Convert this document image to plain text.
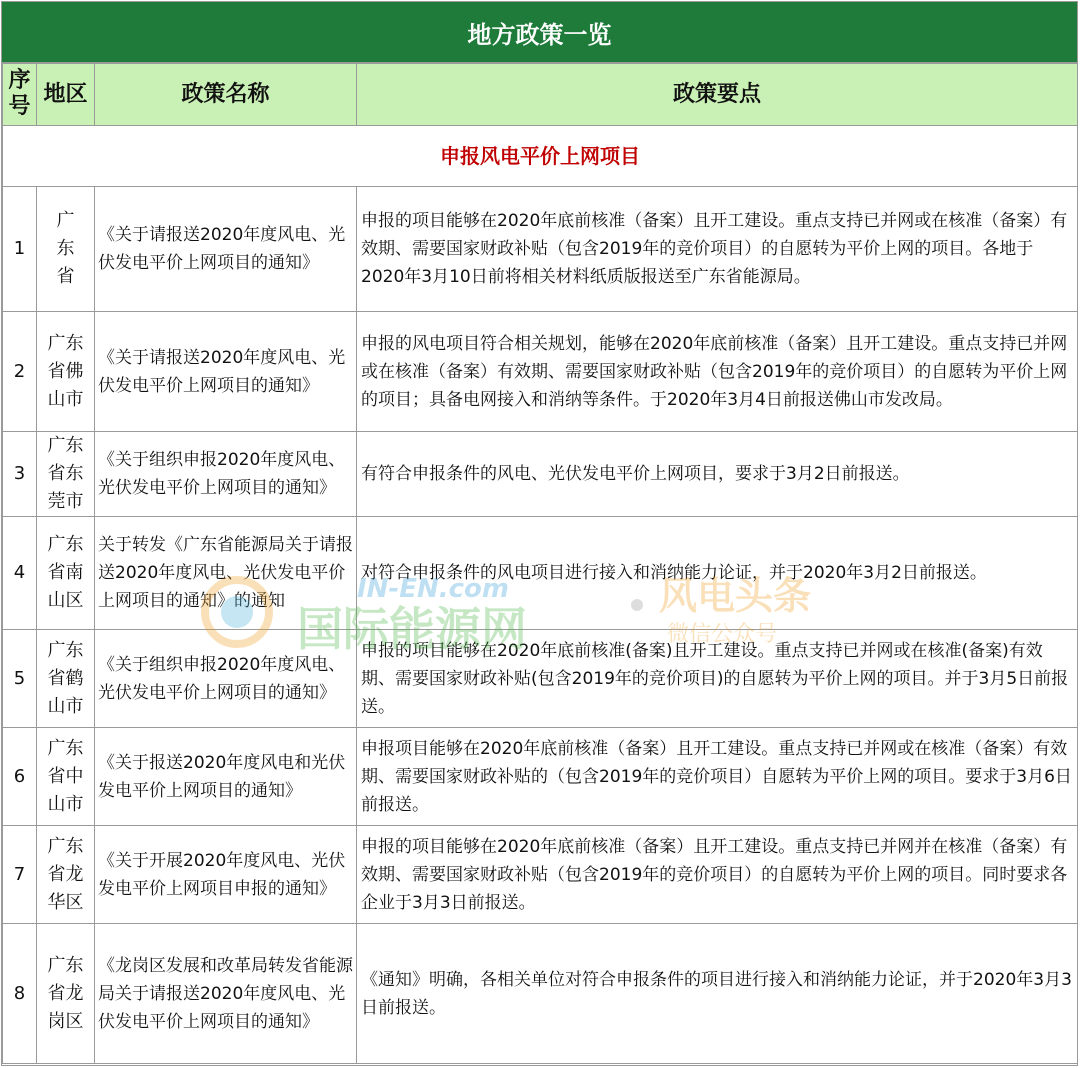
地方政策一览
序号	地区	政策名称	政策要点
申报风电平价上网项目			
1	广东省	《关于请报送2020年度风电、光伏发电平价上网项目的通知》	申报的项目能够在2020年底前核准（备案）且开工建设。重点支持已并网或在核准（备案）有效期、需要国家财政补贴（包含2019年的竞价项目）的自愿转为平价上网的项目。各地于2020年3月10日前将相关材料纸质版报送至广东省能源局。
2	广东省佛山市	《关于请报送2020年度风电、光伏发电平价上网项目的通知》	申报的风电项目符合相关规划，能够在2020年底前核准（备案）且开工建设。重点支持已并网或在核准（备案）有效期、需要国家财政补贴（包含2019年的竞价项目）的自愿转为平价上网的项目；具备电网接入和消纳等条件。于2020年3月4日前报送佛山市发改局。
3	广东省东莞市	《关于组织申报2020年度风电、光伏发电平价上网项目的通知》	有符合申报条件的风电、光伏发电平价上网项目，要求于3月2日前报送。
4	广东省南山区	关于转发《广东省能源局关于请报送2020年度风电、光伏发电平价上网项目的通知》的通知	对符合申报条件的风电项目进行接入和消纳能力论证，并于2020年3月2日前报送。
5	广东省鹤山市	《关于组织申报2020年度风电、光伏发电平价上网项目的通知》	申报的项目能够在2020年底前核准(备案)且开工建设。重点支持已并网或在核准(备案)有效期、需要国家财政补贴(包含2019年的竞价项目)的自愿转为平价上网的项目。并于3月5日前报送。
6	广东省中山市	《关于报送2020年度风电和光伏发电平价上网项目的通知》	申报项目能够在2020年底前核准（备案）且开工建设。重点支持已并网或在核准（备案）有效期、需要国家财政补贴的（包含2019年的竞价项目）自愿转为平价上网的项目。要求于3月6日前报送。
7	广东省龙华区	《关于开展2020年度风电、光伏发电平价上网项目申报的通知》	申报的项目能够在2020年底前核准（备案）且开工建设。重点支持已并网并在核准（备案）有效期、需要国家财政补贴（包含2019年的竞价项目）的自愿转为平价上网的项目。同时要求各企业于3月3日前报送。
8	广东省龙岗区	《龙岗区发展和改革局转发省能源局关于请报送2020年度风电、光伏发电平价上网项目的通知》	《通知》明确，各相关单位对符合申报条件的项目进行接入和消纳能力论证，并于2020年3月3日前报送。
IN-EN.com
国际能源网
风电头条
微信公众号
